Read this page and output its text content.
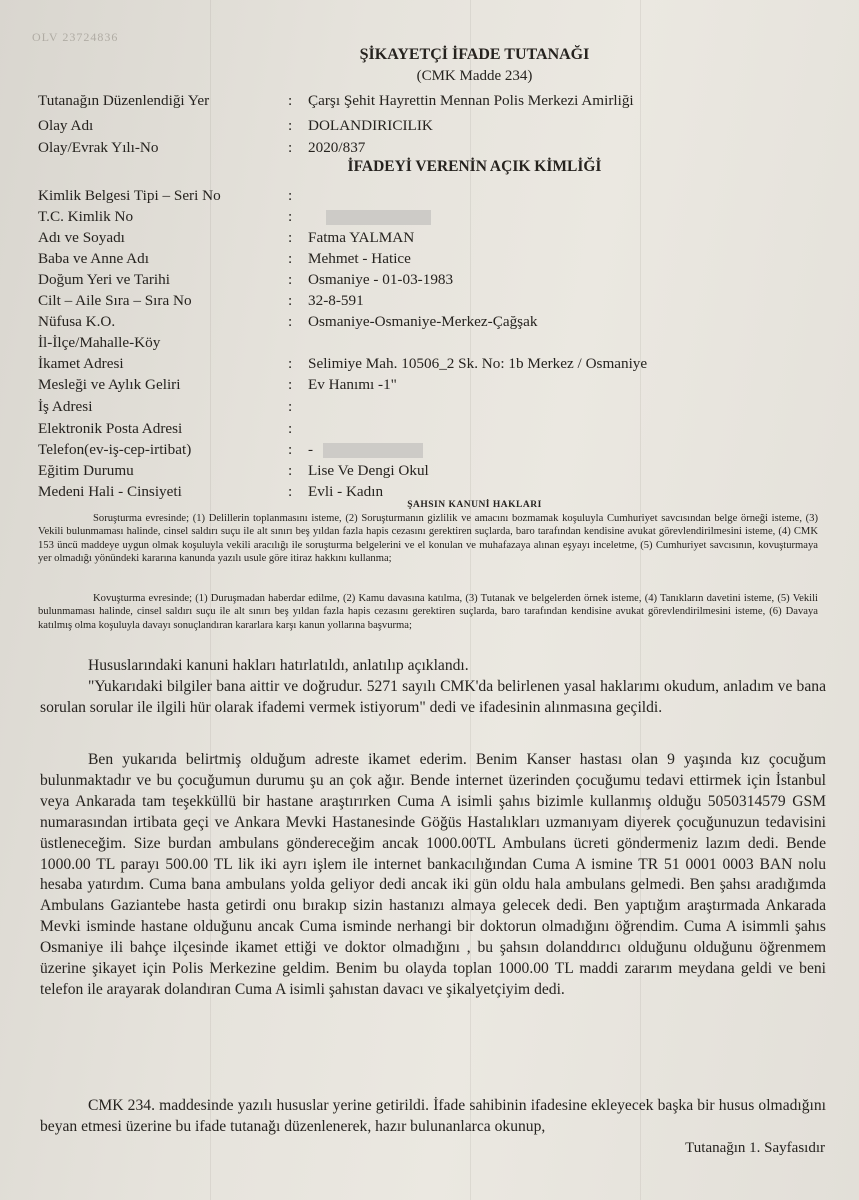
OLV 23724836
ŞİKAYETÇİ İFADE TUTANAĞI
(CMK Madde 234)
Tutanağın Düzenlendiği Yer	: Çarşı Şehit Hayrettin Mennan Polis Merkezi Amirliği
Olay Adı	: DOLANDIRICILIK
Olay/Evrak Yılı-No	: 2020/837
İFADEYİ VERENİN AÇIK KİMLİĞİ
Kimlik Belgesi Tipi – Seri No	:
T.C. Kimlik No	:
Adı ve Soyadı	: Fatma YALMAN
Baba ve Anne Adı	: Mehmet - Hatice
Doğum Yeri ve Tarihi	: Osmaniye - 01-03-1983
Cilt – Aile Sıra – Sıra No	: 32-8-591
Nüfusa K.O.	: Osmaniye-Osmaniye-Merkez-Çağşak
İl-İlçe/Mahalle-Köy
İkamet Adresi	: Selimiye Mah. 10506_2 Sk. No: 1b Merkez / Osmaniye
Mesleği ve Aylık Geliri	: Ev Hanımı -1"
İş Adresi	:
Elektronik Posta Adresi	:
Telefon(ev-iş-cep-irtibat)	: -
Eğitim Durumu	: Lise Ve Dengi Okul
Medeni Hali - Cinsiyeti	: Evli - Kadın
ŞAHSIN KANUNİ HAKLARI

Soruşturma evresinde; (1) Delillerin toplanmasını isteme, (2) Soruşturmanın gizlilik ve amacını bozmamak koşuluyla Cumhuriyet savcısından belge örneği isteme, (3) Vekili bulunmaması halinde, cinsel saldırı suçu ile alt sınırı beş yıldan fazla hapis cezasını gerektiren suçlarda, baro tarafından kendisine avukat görevlendirilmesini isteme, (4) CMK 153 üncü maddeye uygun olmak koşuluyla vekili aracılığı ile soruşturma belgelerini ve el konulan ve muhafazaya alınan eşyayı inceletme, (5) Cumhuriyet savcısının, kovuşturmaya yer olmadığı yönündeki kararına kanunda yazılı usule göre itiraz hakkını kullanma;

Kovuşturma evresinde; (1) Duruşmadan haberdar edilme, (2) Kamu davasına katılma, (3) Tutanak ve belgelerden örnek isteme, (4) Tanıkların davetini isteme, (5) Vekili bulunmaması halinde, cinsel saldırı suçu ile alt sınırı beş yıldan fazla hapis cezasını gerektiren suçlarda, baro tarafından kendisine avukat görevlendirilmesini isteme, (6) Davaya katılmış olma koşuluyla davayı sonuçlandıran kararlara karşı kanun yollarına başvurma;

Hususlarındaki kanuni hakları hatırlatıldı, anlatılıp açıklandı.

"Yukarıdaki bilgiler bana aittir ve doğrudur. 5271 sayılı CMK'da belirlenen yasal haklarımı okudum, anladım ve bana sorulan sorular ile ilgili hür olarak ifademi vermek istiyorum" dedi ve ifadesinin alınmasına geçildi.

Ben yukarıda belirtmiş olduğum adreste ikamet ederim. Benim Kanser hastası olan 9 yaşında kız çocuğum bulunmaktadır ve bu çocuğumun durumu şu an çok ağır. Bende internet üzerinden çocuğumu tedavi ettirmek için İstanbul veya Ankarada tam teşekküllü bir hastane araştırırken Cuma A isimli şahıs bizimle kullanmış olduğu 5050314579 GSM numarasından irtibata geçi ve Ankara Mevki Hastanesinde Göğüs Hastalıkları uzmanıyam diyerek çocuğunuzun tedavisini üstleneceğim. Size burdan ambulans göndereceğim ancak 1000.00TL Ambulans ücreti göndermeniz lazım dedi. Bende 1000.00 TL parayı 500.00 TL lik iki ayrı işlem ile internet bankacılığından Cuma A ismine TR 51 0001 0003 BAN nolu hesaba yatırdım. Cuma bana ambulans yolda geliyor dedi ancak iki gün oldu hala ambulans gelmedi. Ben şahsı aradığımda Ambulans Gaziantebe hasta getirdi onu bırakıp sizin hastanızı almaya gelecek dedi. Ben yaptığım araştırmada Ankarada Mevki isminde hastane olduğunu ancak Cuma isminde nerhangi bir doktorun olmadığını öğrendim. Cuma A isimmli şahıs Osmaniye ili bahçe ilçesinde ikamet ettiği ve doktor olmadığını , bu şahsın dolanddırıcı olduğunu olduğunu öğrenmem üzerine şikayet için Polis Merkezine geldim. Benim bu olayda toplan 1000.00 TL maddi zararım meydana geldi ve beni telefon ile arayarak dolandıran Cuma A isimli şahıstan davacı ve şikalyetçiyim dedi.

CMK 234. maddesinde yazılı hususlar yerine getirildi. İfade sahibinin ifadesine ekleyecek başka bir husus olmadığını beyan etmesi üzerine bu ifade tutanağı düzenlenerek, hazır bulunanlarca okunup,

Tutanağın 1. Sayfasıdır
